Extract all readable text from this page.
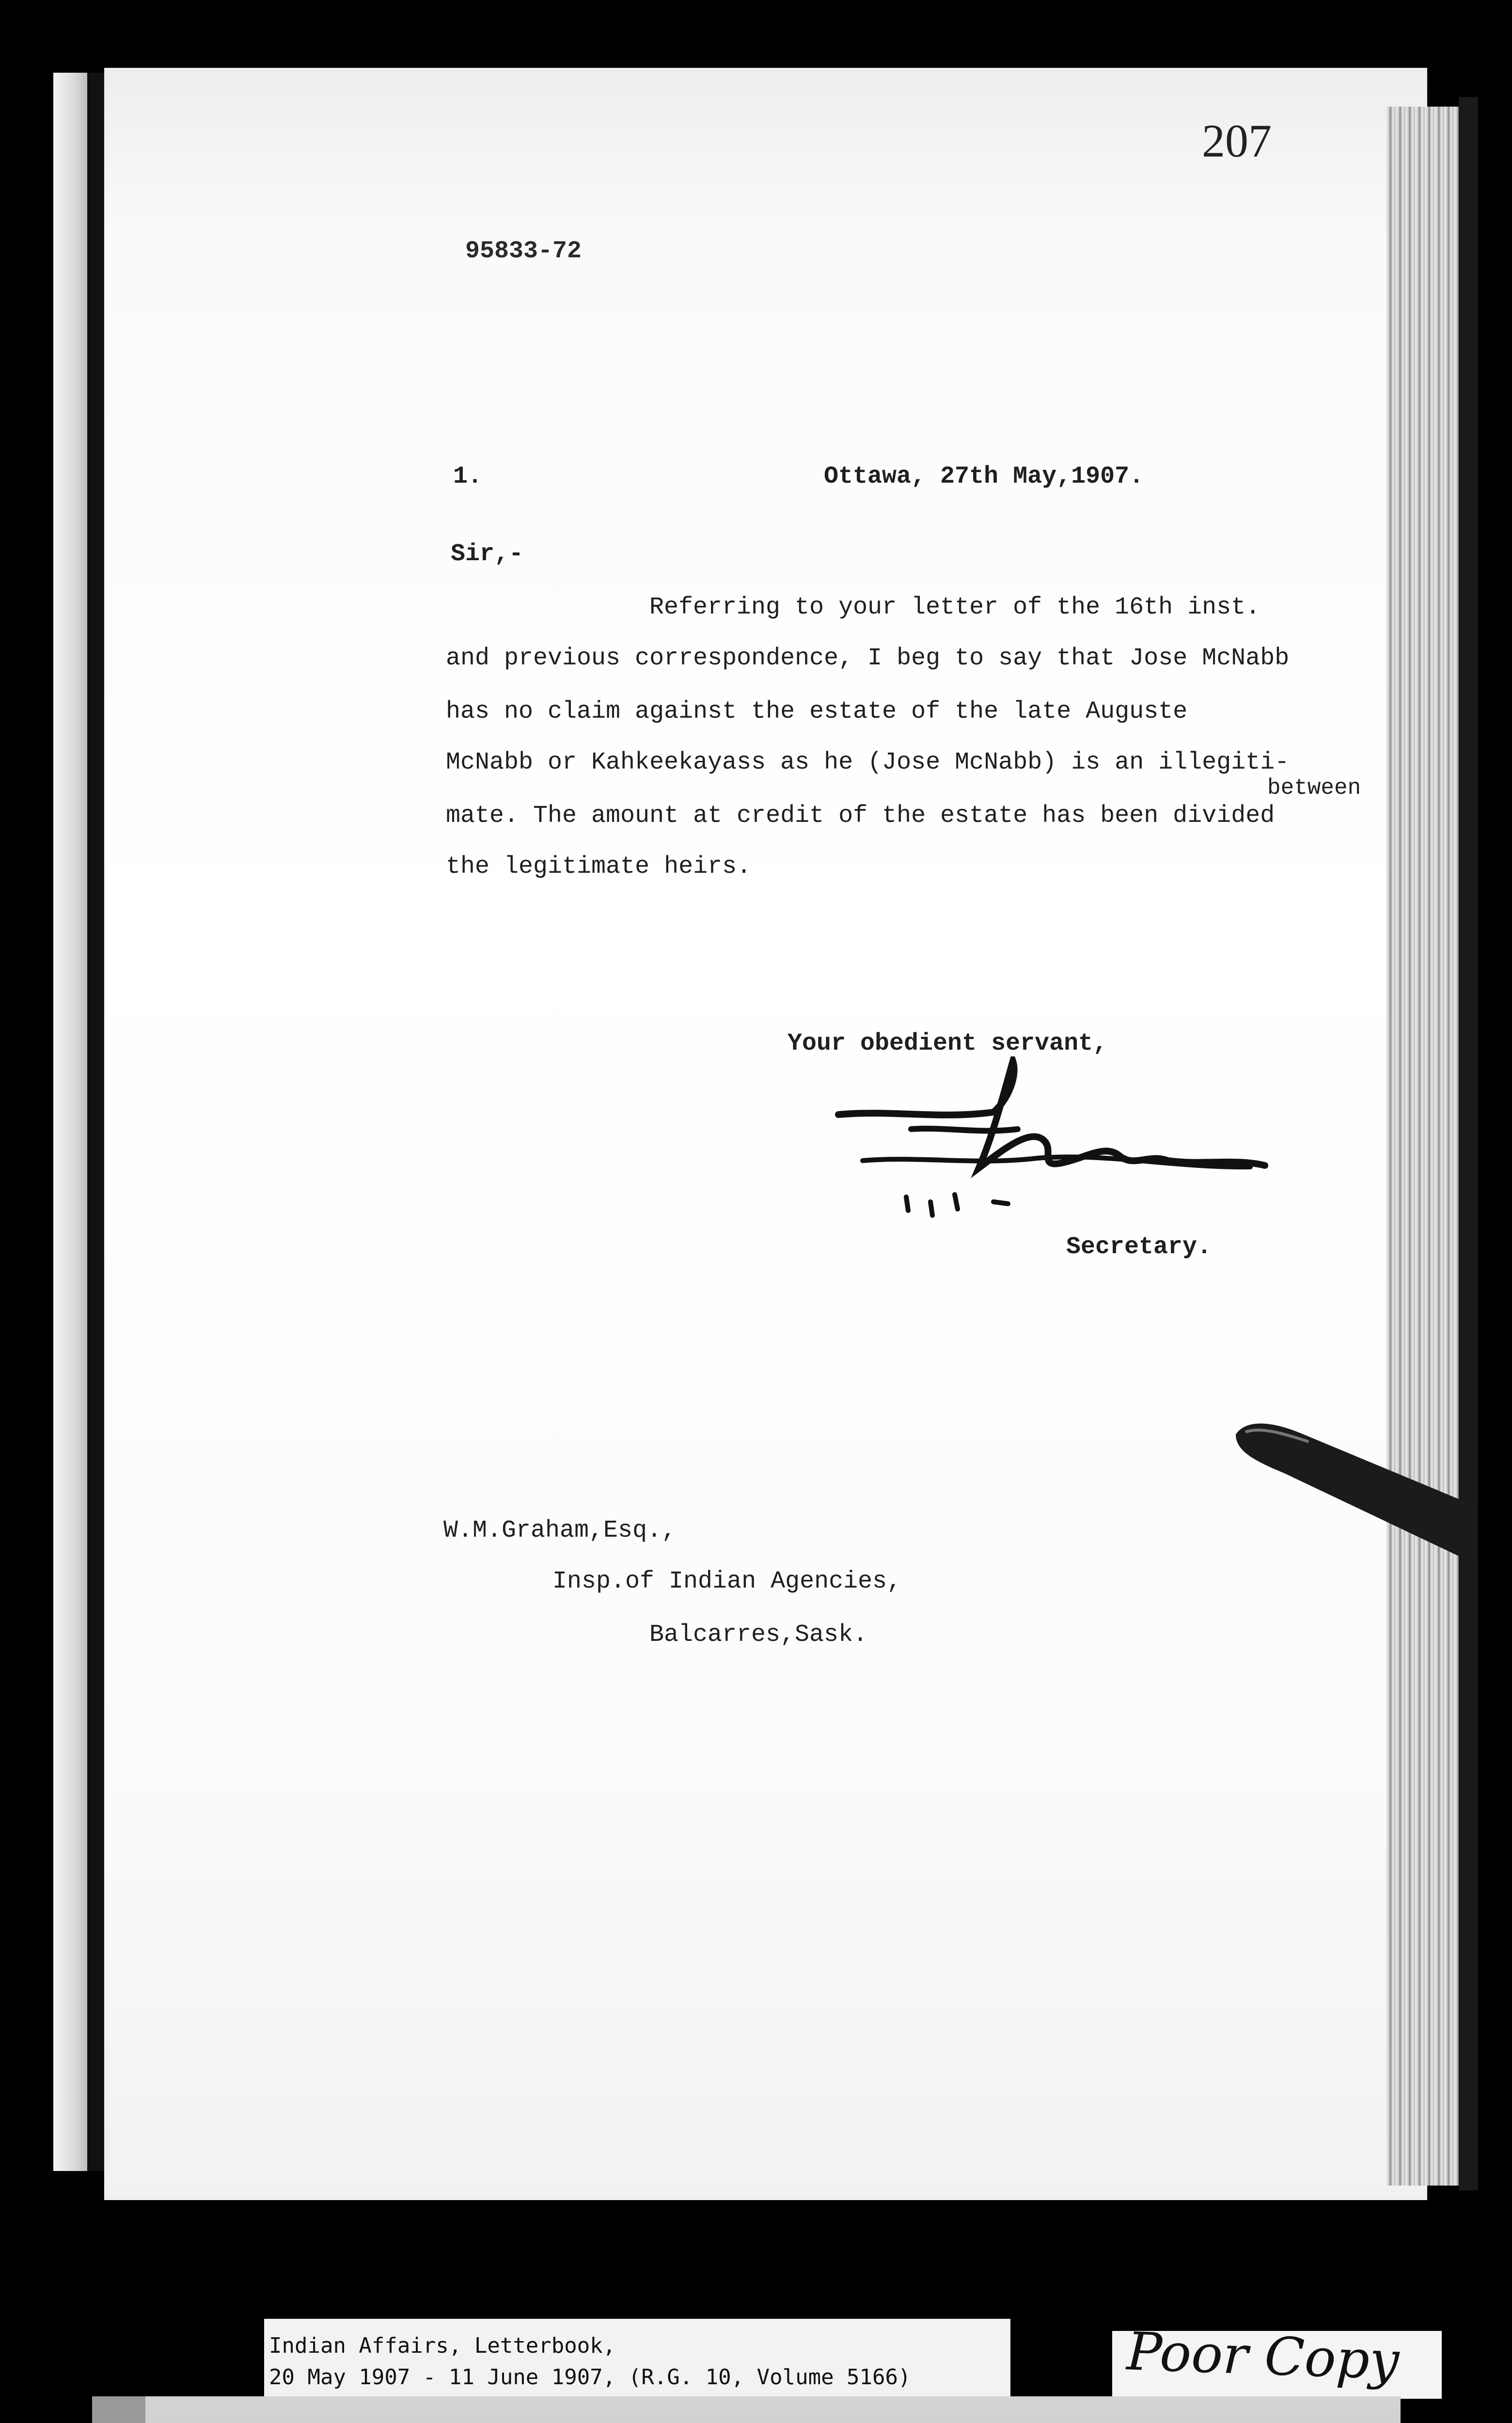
207
95833-72
1.	Ottawa, 27th May,1907.
Sir,-
Referring to your letter of the 16th inst.
and previous correspondence, I beg to say that Jose McNabb
has no claim against the estate of the late Auguste
McNabb or Kahkeekayass as he (Jose McNabb) is an illegiti-
between
mate. The amount at credit of the estate has been divided
the legitimate heirs.
Your obedient servant,
Secretary.
W.M.Graham,Esq.,
Insp.of Indian Agencies,
Balcarres,Sask.
Indian Affairs, Letterbook,
20 May 1907 - 11 June 1907, (R.G. 10, Volume 5166)	Poor Copy
